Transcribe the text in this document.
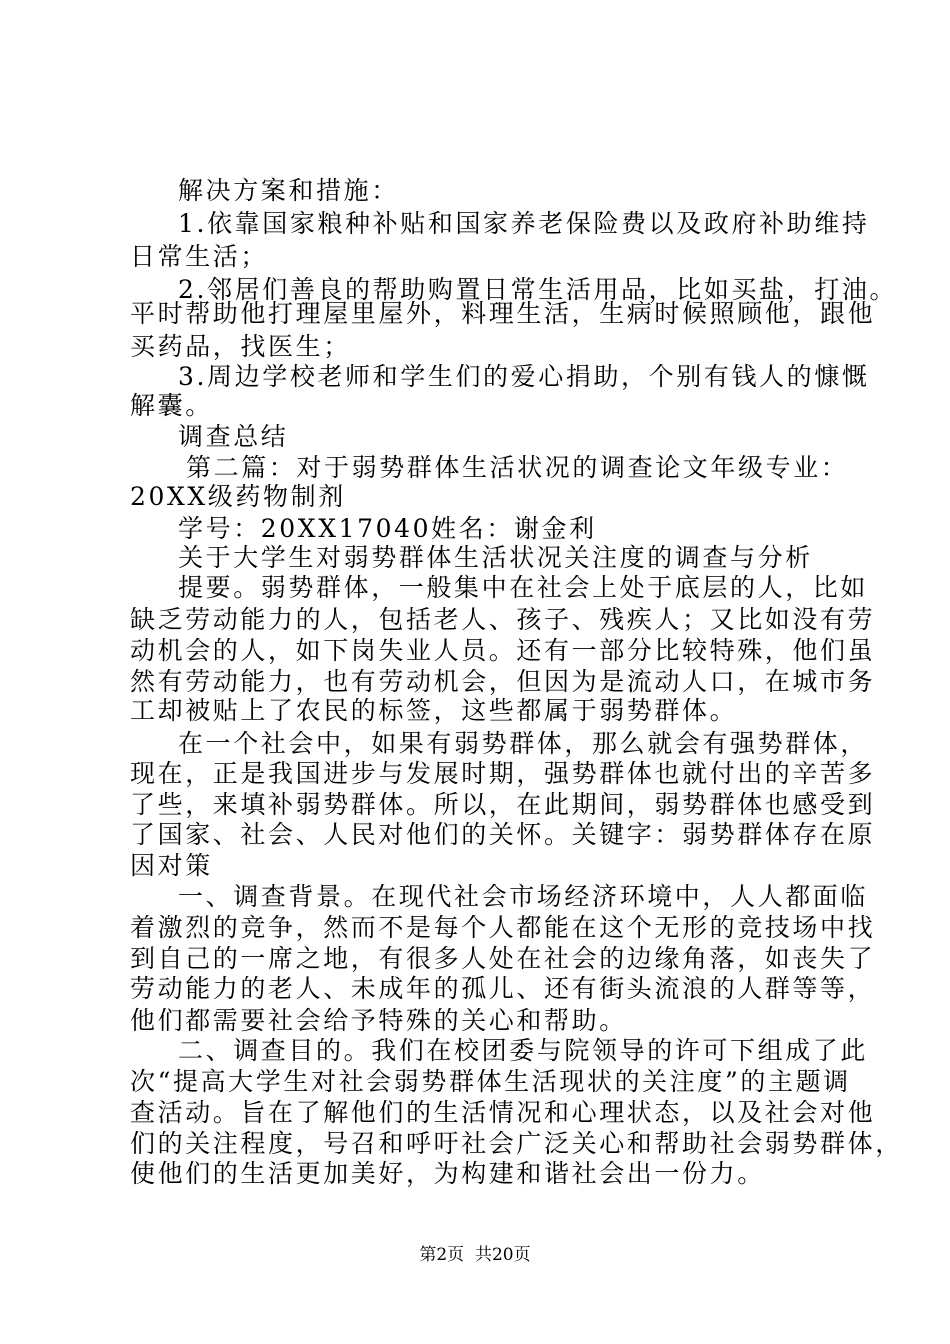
解决方案和措施：
1.依靠国家粮种补贴和国家养老保险费以及政府补助维持
日常生活；
2.邻居们善良的帮助购置日常生活用品，比如买盐，打油。
平时帮助他打理屋里屋外，料理生活，生病时候照顾他，跟他
买药品，找医生；
3.周边学校老师和学生们的爱心捐助，个别有钱人的慷慨
解囊。
调查总结
第二篇：对于弱势群体生活状况的调查论文年级专业：
20XX级药物制剂
学号：20XX17040姓名：谢金利
关于大学生对弱势群体生活状况关注度的调查与分析
提要。弱势群体，一般集中在社会上处于底层的人，比如
缺乏劳动能力的人，包括老人、孩子、残疾人；又比如没有劳
动机会的人，如下岗失业人员。还有一部分比较特殊，他们虽
然有劳动能力，也有劳动机会，但因为是流动人口，在城市务
工却被贴上了农民的标签，这些都属于弱势群体。
在一个社会中，如果有弱势群体，那么就会有强势群体，
现在，正是我国进步与发展时期，强势群体也就付出的辛苦多
了些，来填补弱势群体。所以，在此期间，弱势群体也感受到
了国家、社会、人民对他们的关怀。关键字：弱势群体存在原
因对策
一、调查背景。在现代社会市场经济环境中，人人都面临
着激烈的竞争，然而不是每个人都能在这个无形的竞技场中找
到自己的一席之地，有很多人处在社会的边缘角落，如丧失了
劳动能力的老人、未成年的孤儿、还有街头流浪的人群等等，
他们都需要社会给予特殊的关心和帮助。
二、调查目的。我们在校团委与院领导的许可下组成了此
次“提高大学生对社会弱势群体生活现状的关注度”的主题调
查活动。旨在了解他们的生活情况和心理状态，以及社会对他
们的关注程度，号召和呼吁社会广泛关心和帮助社会弱势群体，
使他们的生活更加美好，为构建和谐社会出一份力。
第2页  共20页
